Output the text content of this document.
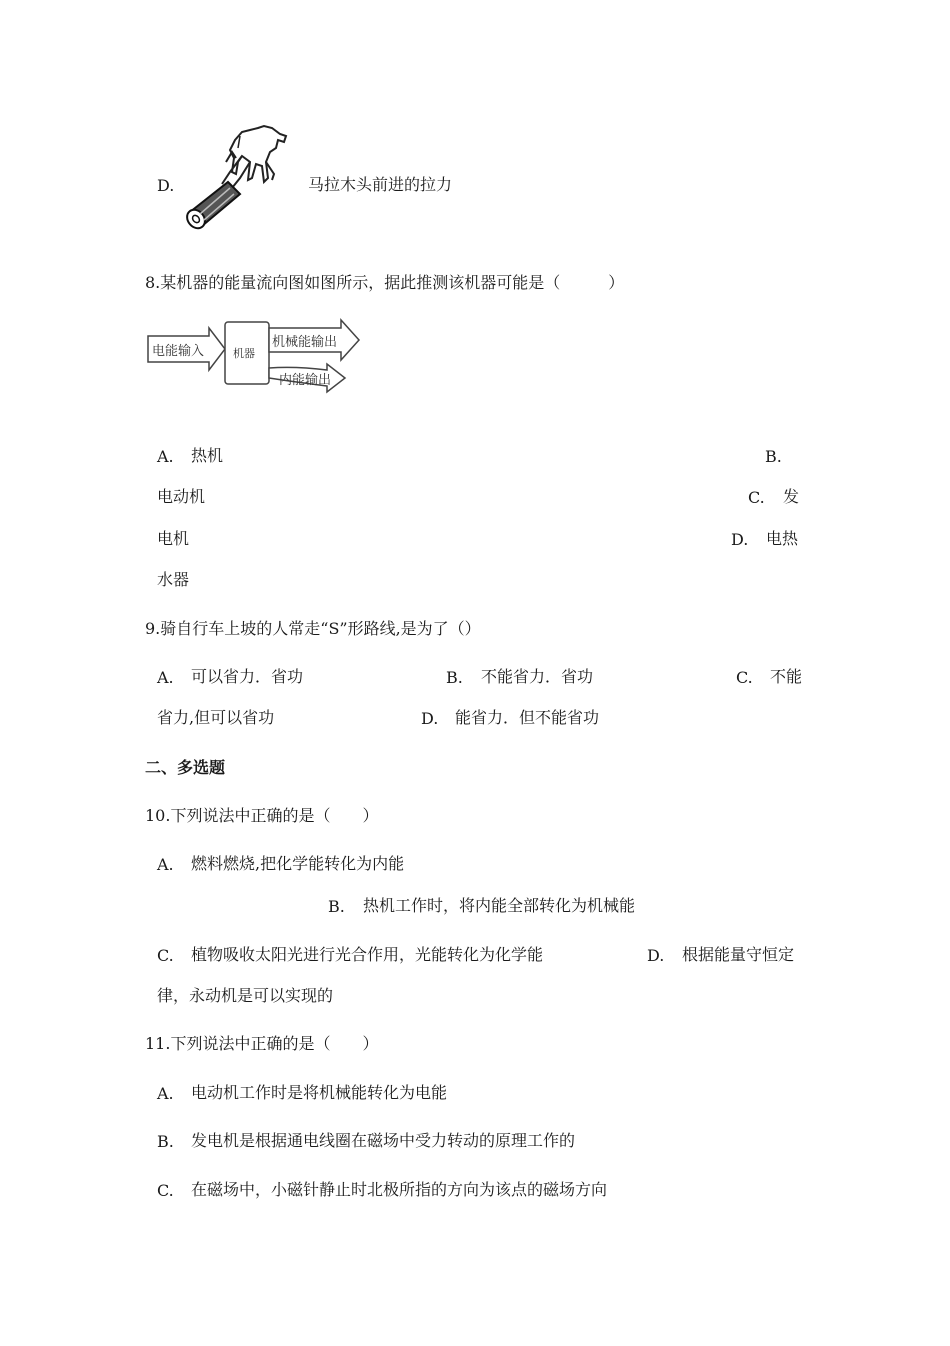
D.	马拉木头前进的拉力
8.某机器的能量流向图如图所示，据此推测该机器可能是（　　　）
电能输入	机器
机械能输出
内能输出
A. 热机	B.
电动机	C. 发
电机	D. 电热
水器
9.骑自行车上坡的人常走“S”形路线,是为了（）
A. 可以省力．省功	B. 不能省力．省功	C. 不能
省力,但可以省功	D. 能省力．但不能省功
二、多选题
10.下列说法中正确的是（　　）
A. 燃料燃烧,把化学能转化为内能
B. 热机工作时，将内能全部转化为机械能
C. 植物吸收太阳光进行光合作用，光能转化为化学能	D. 根据能量守恒定
律，永动机是可以实现的
11.下列说法中正确的是（　　）
A. 电动机工作时是将机械能转化为电能
B. 发电机是根据通电线圈在磁场中受力转动的原理工作的
C. 在磁场中，小磁针静止时北极所指的方向为该点的磁场方向
